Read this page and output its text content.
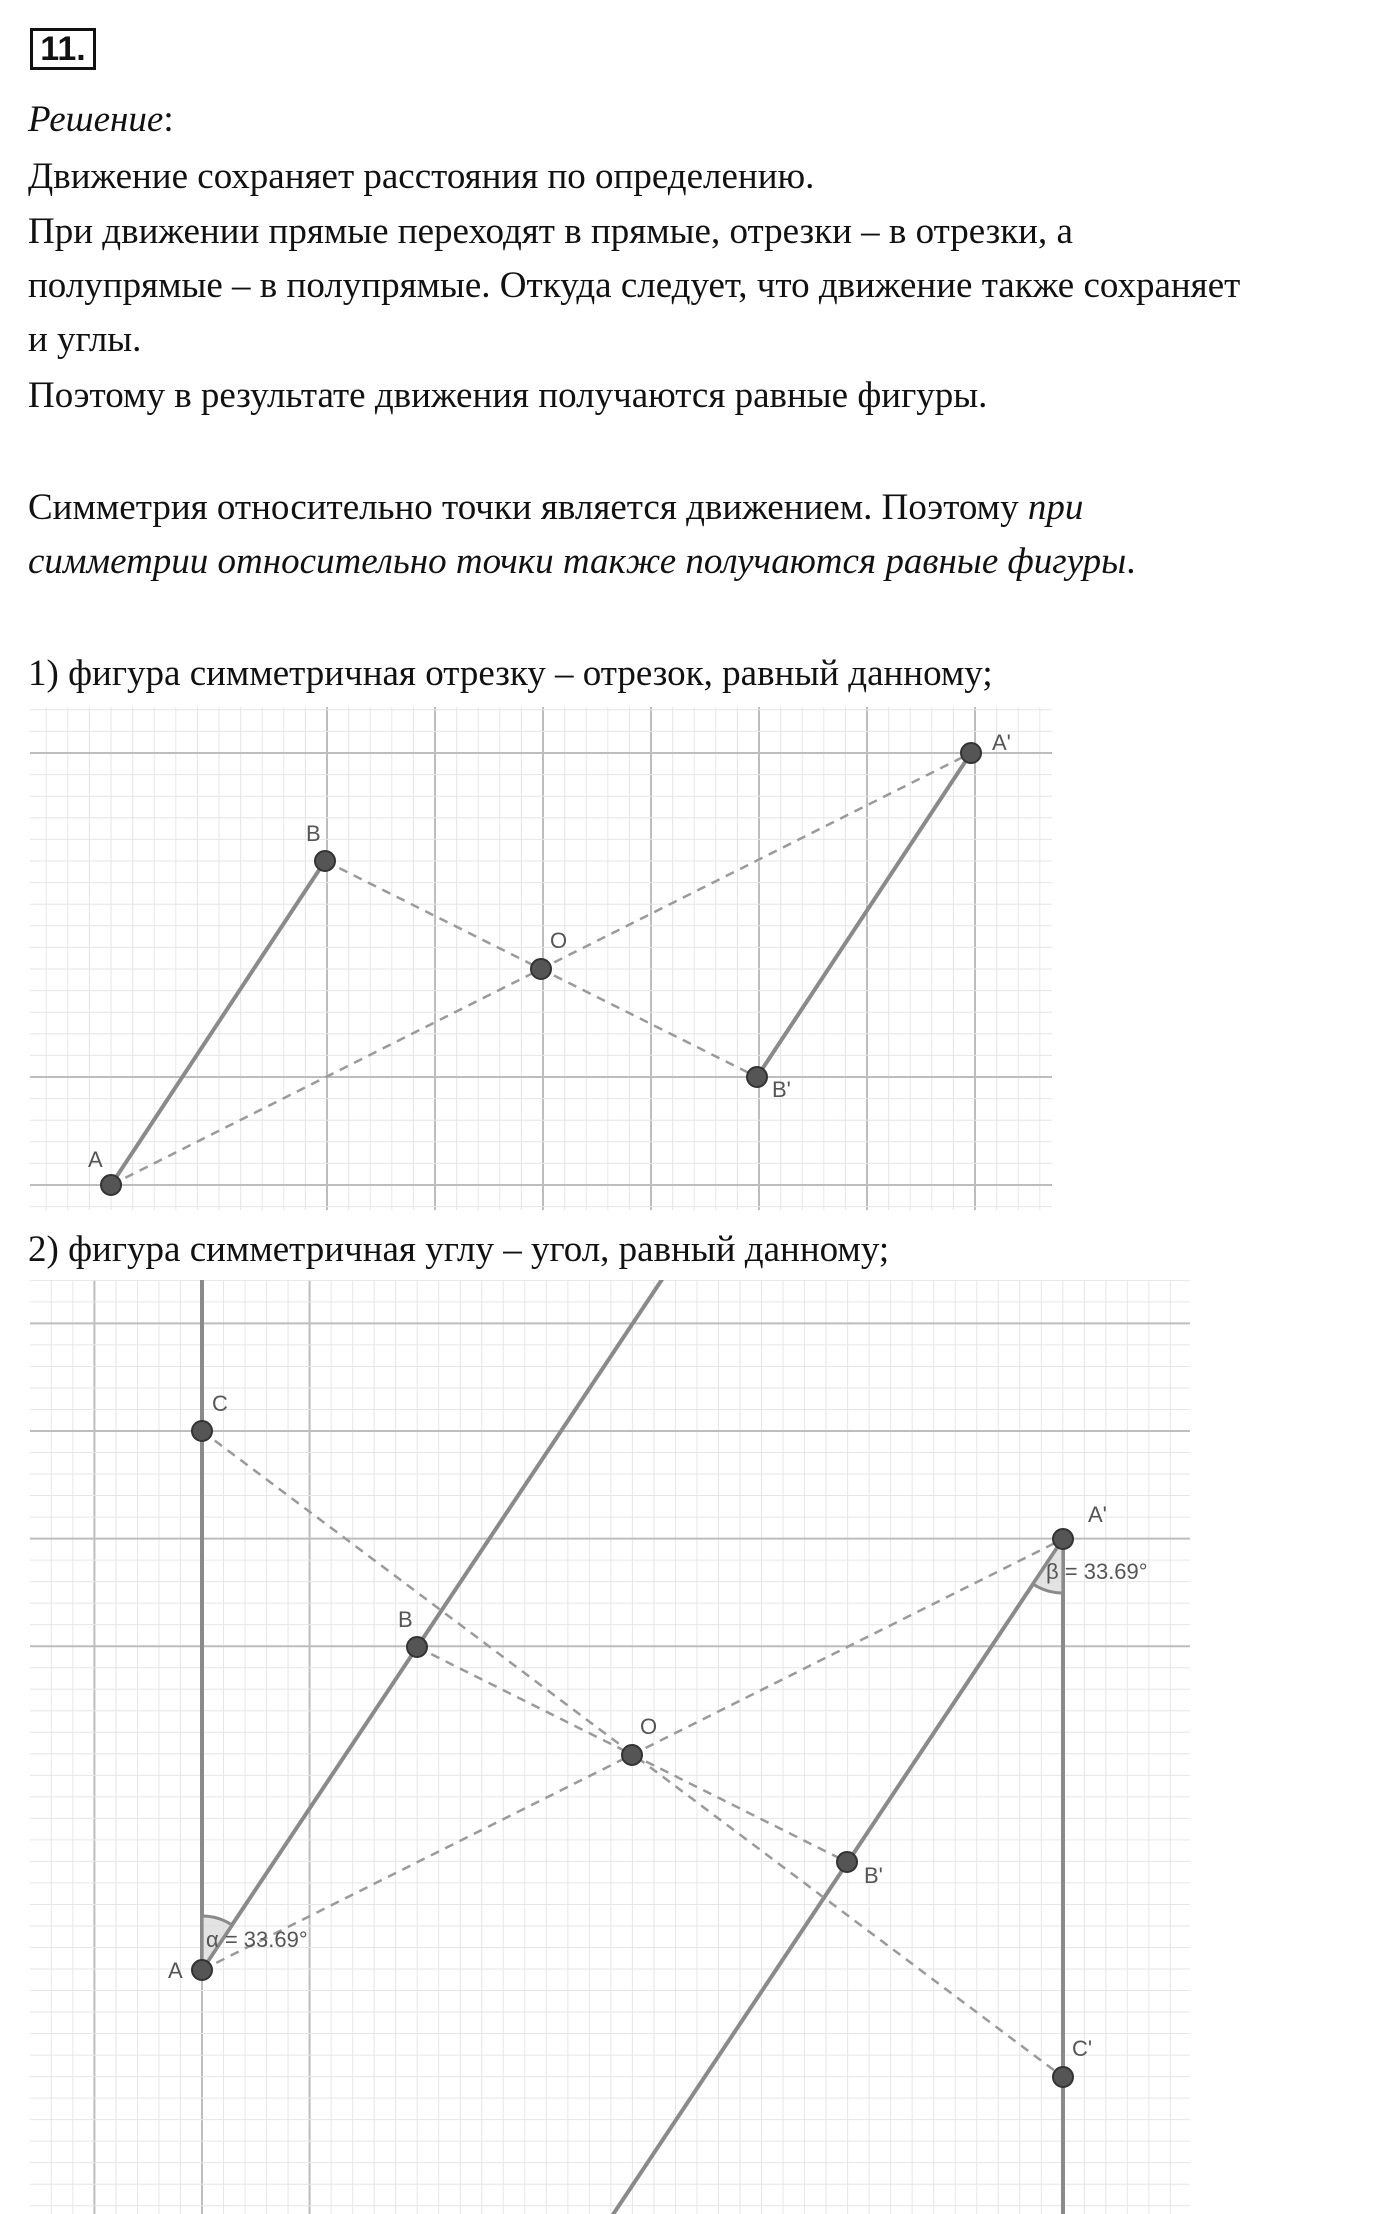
11.
Решение:
Движение сохраняет расстояния по определению.
При движении прямые переходят в прямые, отрезки – в отрезки, а
полупрямые – в полупрямые. Откуда следует, что движение также сохраняет
и углы.
Поэтому в результате движения получаются равные фигуры.
Симметрия относительно точки является движением. Поэтому при
симметрии относительно точки также получаются равные фигуры.
1) фигура симметричная отрезку – отрезок, равный данному;
A
B
O
A'
B'
2) фигура симметричная углу – угол, равный данному;
A
B
C
O
A'
B'
C'
α = 33.69°
β = 33.69°
